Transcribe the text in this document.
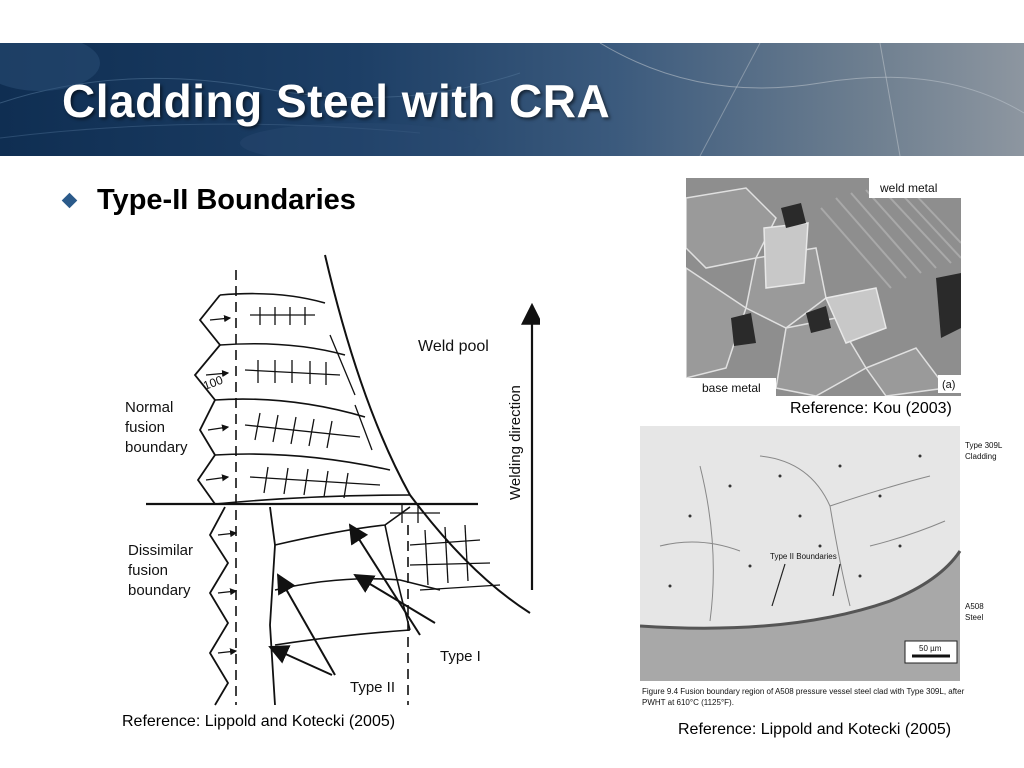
Cladding Steel with CRA
Type-II Boundaries
Weld pool
Welding direction
Normal
fusion
boundary
Dissimilar
fusion
boundary
Type I
Type II
100
Reference: Lippold and Kotecki (2005)
weld metal
base metal	(a)
Reference: Kou (2003)
Type II Boundaries
Type 309L
Cladding
A508
Steel
50 µm
Figure 9.4 Fusion boundary region of A508 pressure vessel steel clad with Type 309L, after
PWHT at 610°C (1125°F).
Reference: Lippold and Kotecki (2005)
